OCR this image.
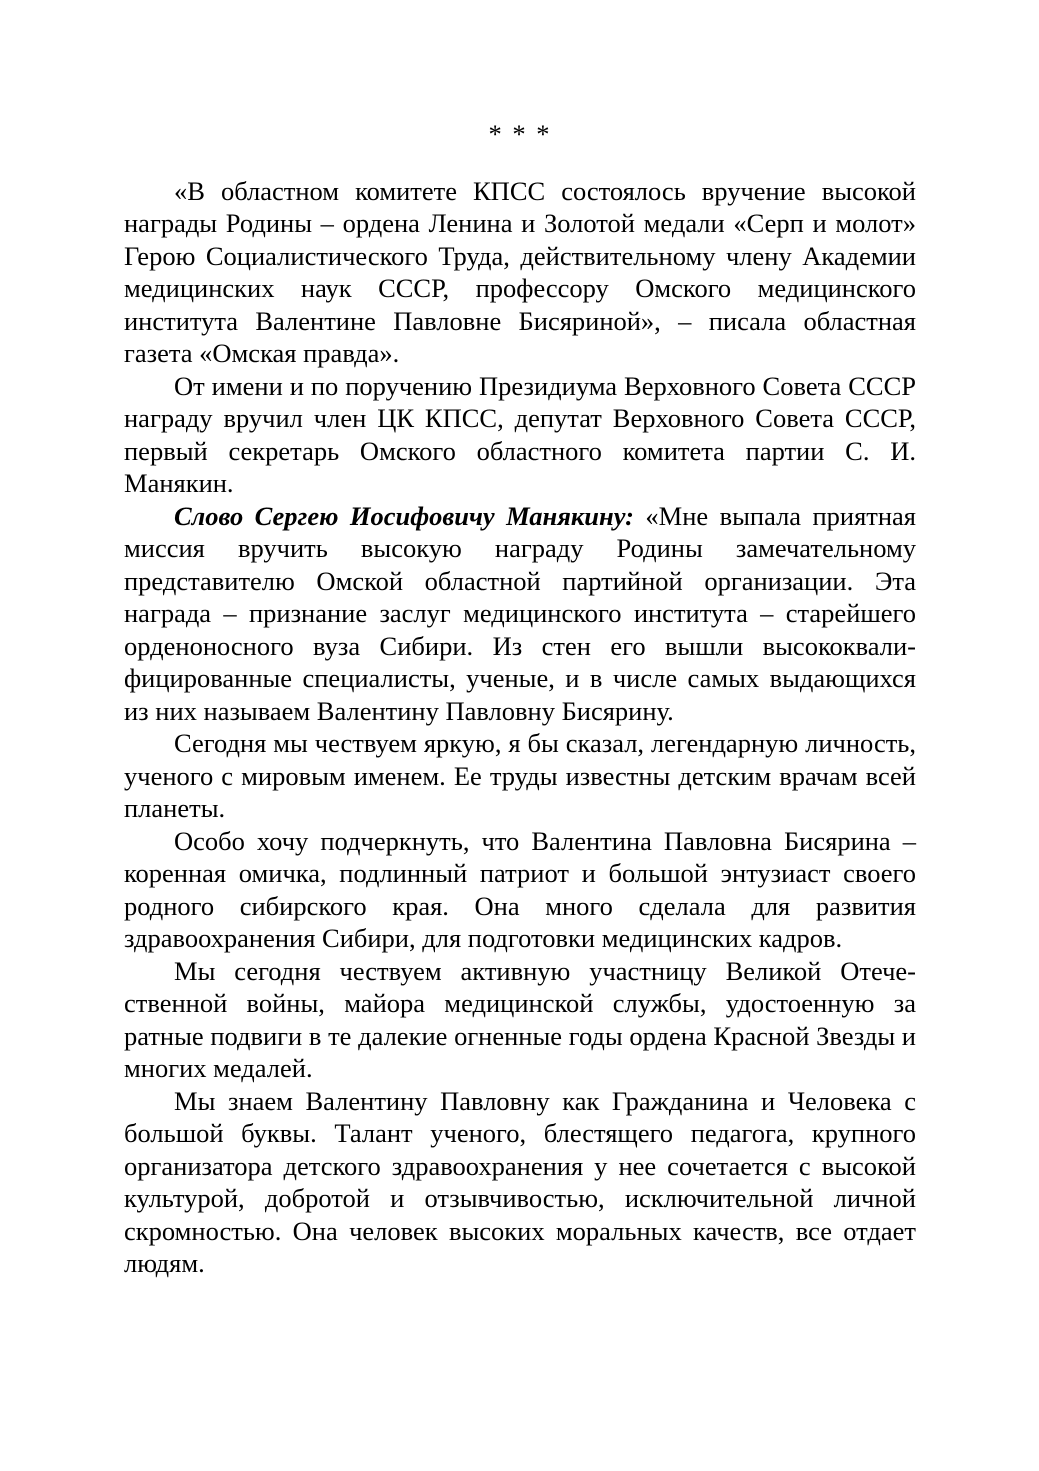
* * *

«В областном комитете КПСС состоялось вручение высокой награды Родины – ордена Ленина и Золотой медали «Серп и молот» Герою Социалистического Труда, действительному члену Академии медицинских наук СССР, профессору Омского медицинского института Валентине Павловне Бисяриной», – писала областная газета «Омская правда».

От имени и по поручению Президиума Верховного Совета СССР награду вручил член ЦК КПСС, депутат Верховного Совета СССР, первый секретарь Омского областного комитета партии С. И. Манякин.

Слово Сергею Иосифовичу Манякину: «Мне выпала приятная миссия вручить высокую награду Родины замечательному представителю Омской областной партийной организации. Эта награда – признание заслуг медицинского института – старейшего орденоносного вуза Сибири. Из стен его вышли высококвалифицированные специалисты, ученые, и в числе самых выдающихся из них называем Валентину Павловну Бисярину.

Сегодня мы чествуем яркую, я бы сказал, легендарную личность, ученого с мировым именем. Ее труды известны детским врачам всей планеты.

Особо хочу подчеркнуть, что Валентина Павловна Бисярина – коренная омичка, подлинный патриот и большой энтузиаст своего родного сибирского края. Она много сделала для развития здравоохранения Сибири, для подготовки медицинских кадров.

Мы сегодня чествуем активную участницу Великой Отечественной войны, майора медицинской службы, удостоенную за ратные подвиги в те далекие огненные годы ордена Красной Звезды и многих медалей.

Мы знаем Валентину Павловну как Гражданина и Человека с большой буквы. Талант ученого, блестящего педагога, крупного организатора детского здравоохранения у нее сочетается с высокой культурой, добротой и отзывчивостью, исключительной личной скромностью. Она человек высоких моральных качеств, все отдает людям.
